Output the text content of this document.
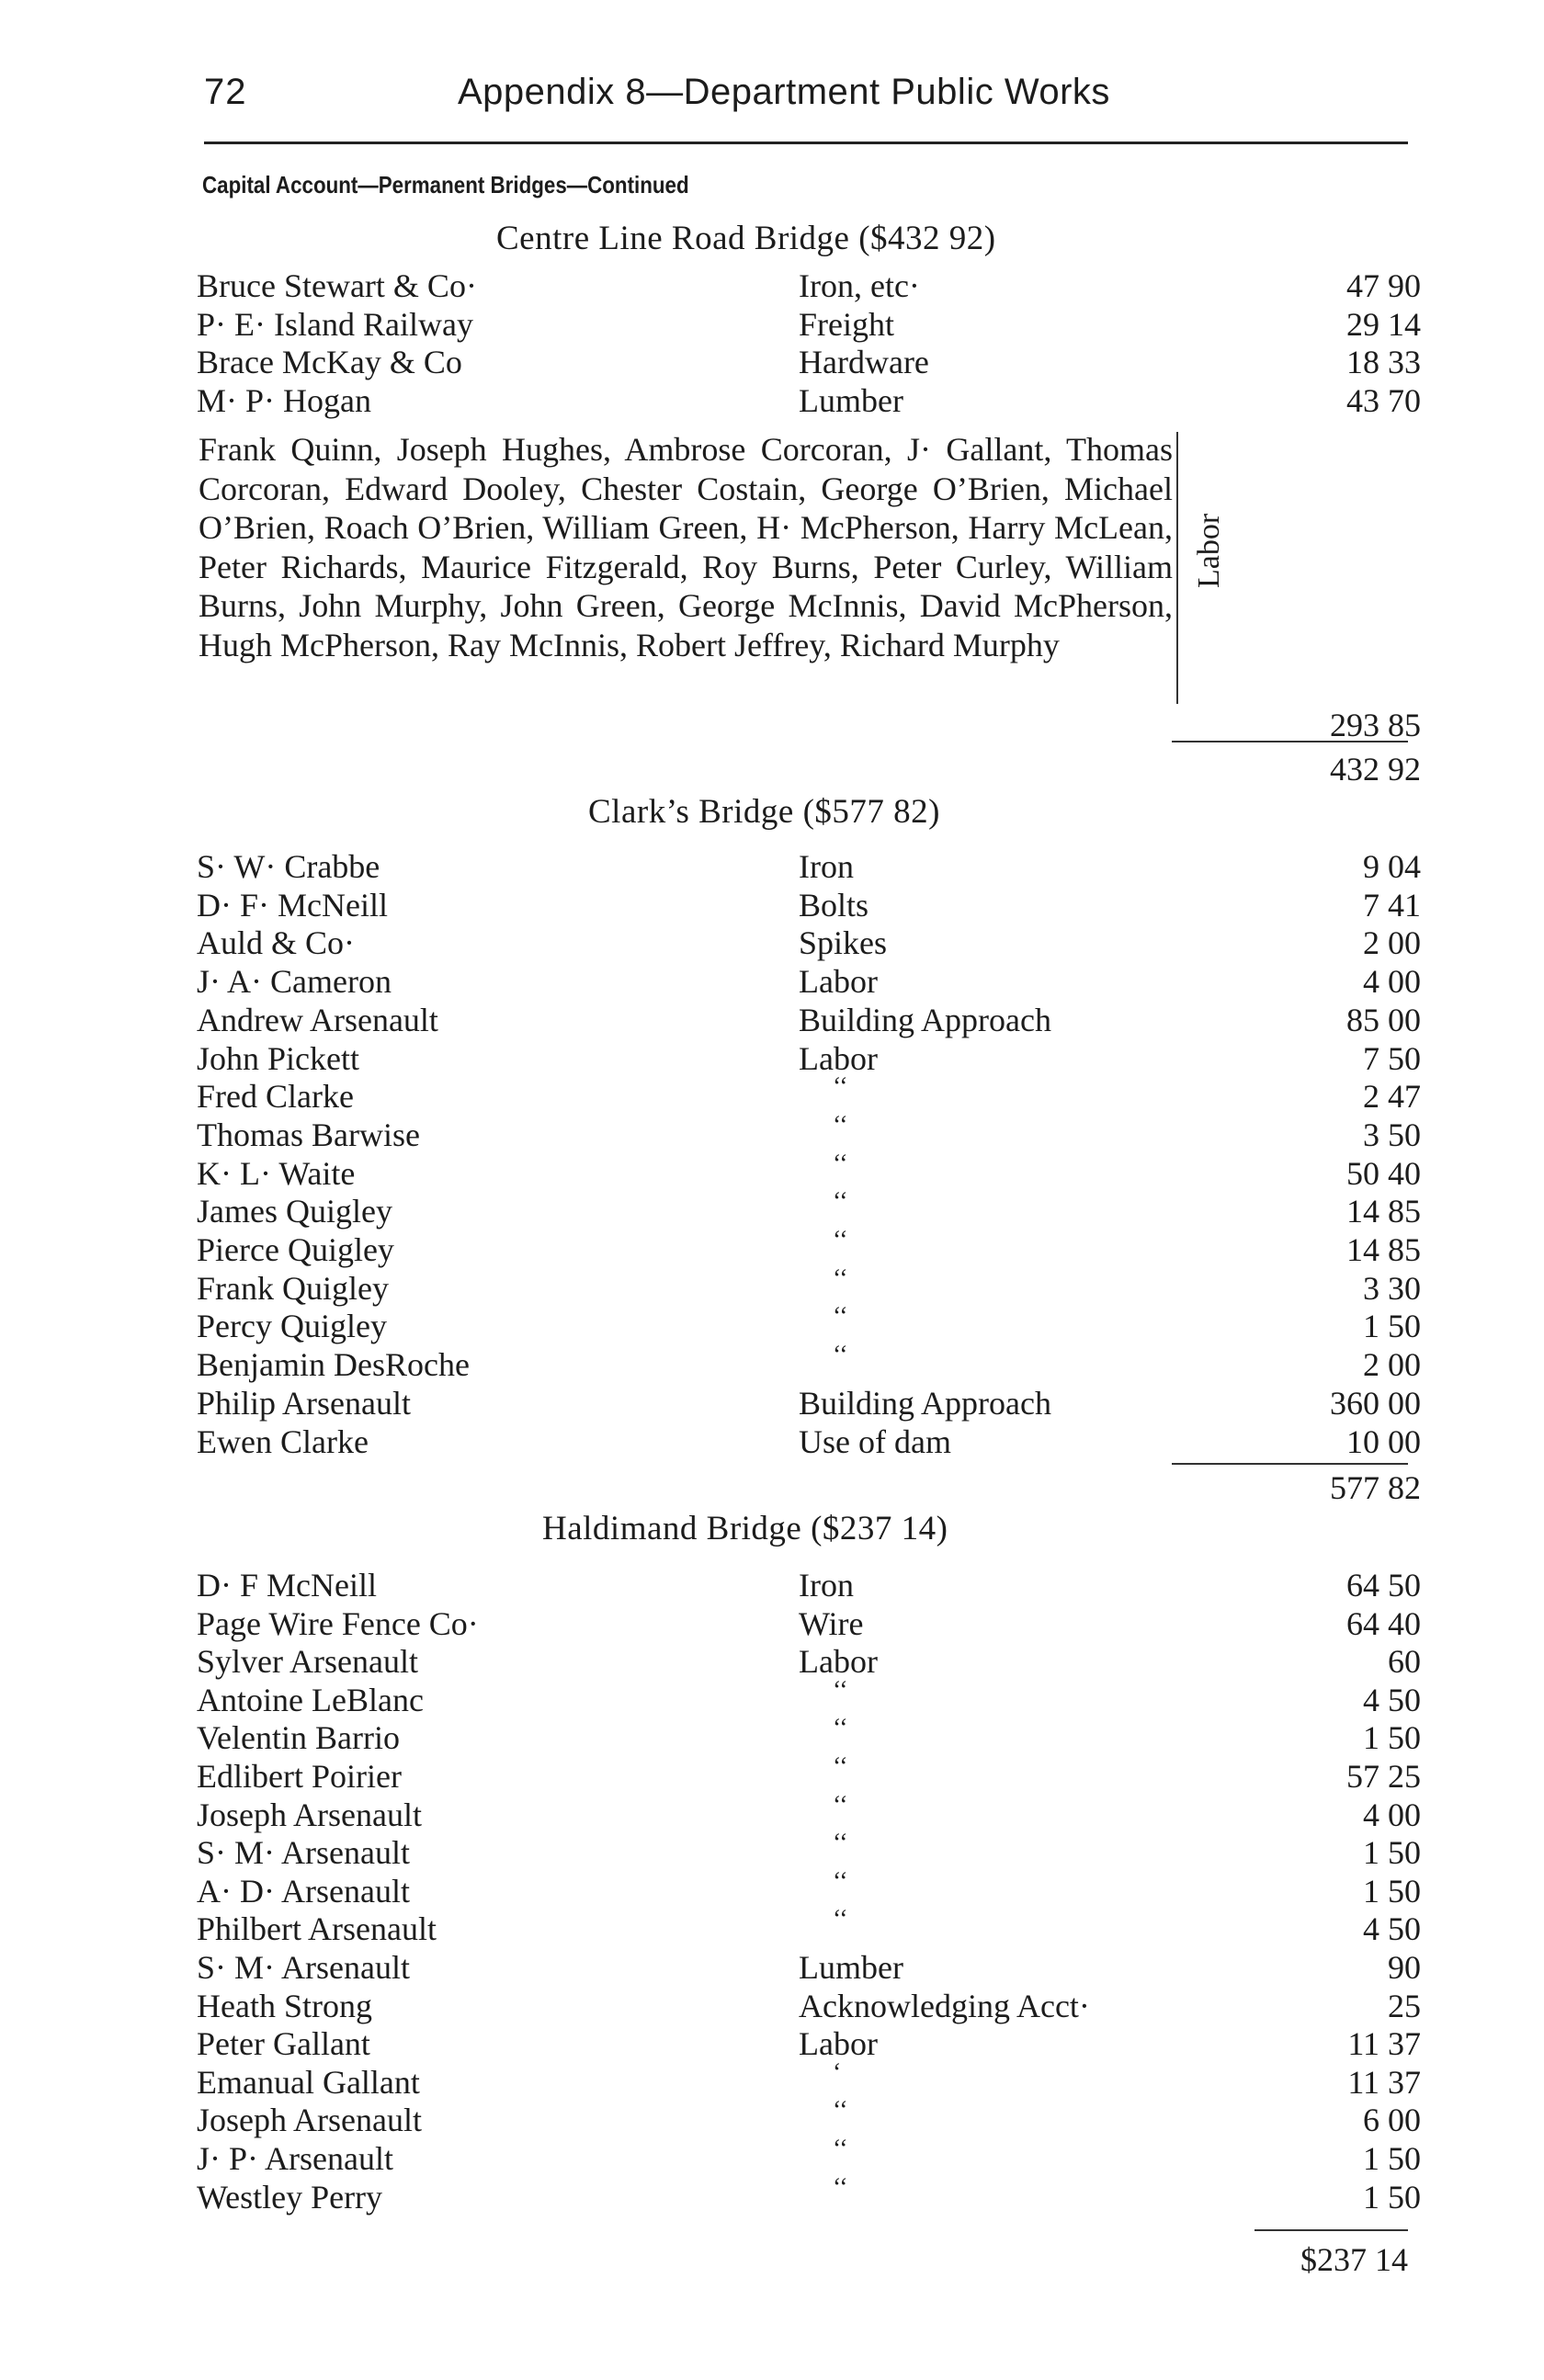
72	Appendix 8—Department Public Works
Capital Account—Permanent Bridges—Continued
Centre Line Road Bridge ($432 92)
Bruce Stewart & Co·	Iron, etc·	47 90
P· E· Island Railway	Freight	29 14
Brace McKay & Co	Hardware	18 33
M· P· Hogan	Lumber	43 70
Frank Quinn, Joseph Hughes, Ambrose Corcoran, J· Gallant, Thomas Corcoran, Edward Dooley, Chester Costain, George O’Brien, Michael O’Brien, Roach O’Brien, William Green, H· McPherson, Harry McLean, Peter Richards, Maurice Fitzgerald, Roy Burns, Peter Curley, William Burns, John Murphy, John Green, George McInnis, David McPherson, Hugh McPherson, Ray McInnis, Robert Jeffrey, Richard Murphy
Labor
293 85
432 92
Clark’s Bridge ($577 82)
S· W· Crabbe	Iron	9 04
D· F· McNeill	Bolts	7 41
Auld & Co·	Spikes	2 00
J· A· Cameron	Labor	4 00
Andrew Arsenault	Building Approach	85 00
John Pickett	Labor	7 50
Fred Clarke	‘‘	2 47
Thomas Barwise	‘‘	3 50
K· L· Waite	‘‘	50 40
James Quigley	‘‘	14 85
Pierce Quigley	‘‘	14 85
Frank Quigley	‘‘	3 30
Percy Quigley	‘‘	1 50
Benjamin DesRoche	‘‘	2 00
Philip Arsenault	Building Approach	360 00
Ewen Clarke	Use of dam	10 00
577 82
Haldimand Bridge ($237 14)
D· F McNeill	Iron	64 50
Page Wire Fence Co·	Wire	64 40
Sylver Arsenault	Labor	60
Antoine LeBlanc	‘‘	4 50
Velentin Barrio	‘‘	1 50
Edlibert Poirier	‘‘	57 25
Joseph Arsenault	‘‘	4 00
S· M· Arsenault	‘‘	1 50
A· D· Arsenault	‘‘	1 50
Philbert Arsenault	‘‘	4 50
S· M· Arsenault	Lumber	90
Heath Strong	Acknowledging Acct·	25
Peter Gallant	Labor	11 37
Emanual Gallant	‘	11 37
Joseph Arsenault	‘‘	6 00
J· P· Arsenault	‘‘	1 50
Westley Perry	‘‘	1 50
$237 14
